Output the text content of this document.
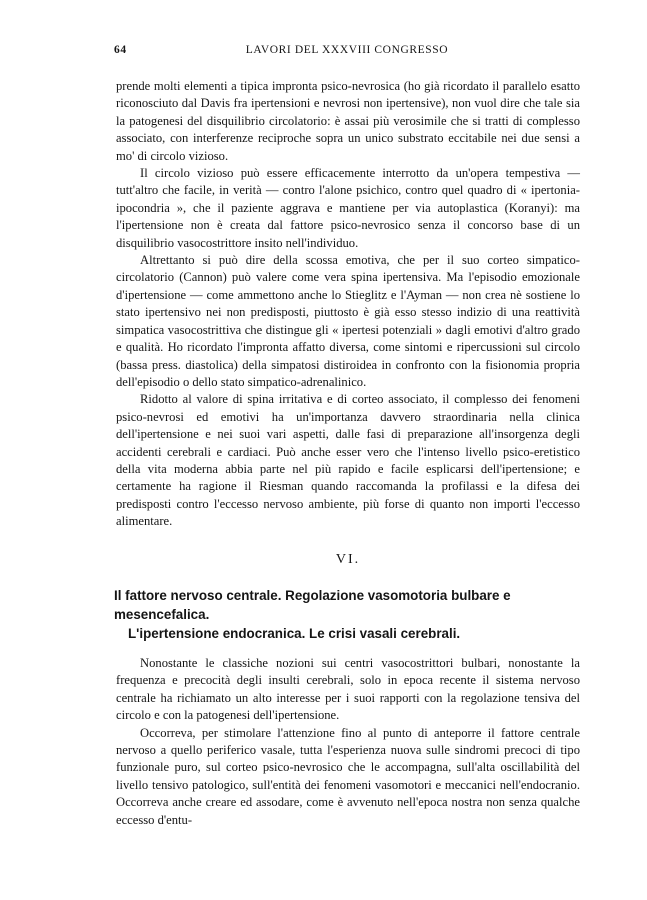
64	LAVORI DEL XXXVIII CONGRESSO

prende molti elementi a tipica impronta psico-nevrosica (ho già ricordato il parallelo esatto riconosciuto dal Davis fra ipertensioni e nevrosi non ipertensive), non vuol dire che tale sia la patogenesi del disquilibrio circolatorio: è assai più verosimile che si tratti di complesso associato, con interferenze reciproche sopra un unico substrato eccitabile nei due sensi a mo' di circolo vizioso.

Il circolo vizioso può essere efficacemente interrotto da un'opera tempestiva — tutt'altro che facile, in verità — contro l'alone psichico, contro quel quadro di « ipertonia-ipocondria », che il paziente aggrava e mantiene per via autoplastica (Koranyi): ma l'ipertensione non è creata dal fattore psico-nevrosico senza il concorso base di un disquilibrio vasocostrittore insito nell'individuo.

Altrettanto si può dire della scossa emotiva, che per il suo corteo simpatico-circolatorio (Cannon) può valere come vera spina ipertensiva. Ma l'episodio emozionale d'ipertensione — come ammettono anche lo Stieglitz e l'Ayman — non crea nè sostiene lo stato ipertensivo nei non predisposti, piuttosto è già esso stesso indizio di una reattività simpatica vasocostrittiva che distingue gli « ipertesi potenziali » dagli emotivi d'altro grado e qualità. Ho ricordato l'impronta affatto diversa, come sintomi e ripercussioni sul circolo (bassa press. diastolica) della simpatosi distiroidea in confronto con la fisionomia propria dell'episodio o dello stato simpatico-adrenalinico.

Ridotto al valore di spina irritativa e di corteo associato, il complesso dei fenomeni psico-nevrosi ed emotivi ha un'importanza davvero straordinaria nella clinica dell'ipertensione e nei suoi vari aspetti, dalle fasi di preparazione all'insorgenza degli accidenti cerebrali e cardiaci. Può anche esser vero che l'intenso livello psico-eretistico della vita moderna abbia parte nel più rapido e facile esplicarsi dell'ipertensione; e certamente ha ragione il Riesman quando raccomanda la profilassi e la difesa dei predisposti contro l'eccesso nervoso ambiente, più forse di quanto non importi l'eccesso alimentare.

VI.
Il fattore nervoso centrale. Regolazione vasomotoria bulbare e mesencefalica.
L'ipertensione endocranica. Le crisi vasali cerebrali.

Nonostante le classiche nozioni sui centri vasocostrittori bulbari, nonostante la frequenza e precocità degli insulti cerebrali, solo in epoca recente il sistema nervoso centrale ha richiamato un alto interesse per i suoi rapporti con la regolazione tensiva del circolo e con la patogenesi dell'ipertensione.

Occorreva, per stimolare l'attenzione fino al punto di anteporre il fattore centrale nervoso a quello periferico vasale, tutta l'esperienza nuova sulle sindromi precoci di tipo funzionale puro, sul corteo psico-nevrosico che le accompagna, sull'alta oscillabilità del livello tensivo patologico, sull'entità dei fenomeni vasomotori e meccanici nell'endocranio. Occorreva anche creare ed assodare, come è avvenuto nell'epoca nostra non senza qualche eccesso d'entu-
